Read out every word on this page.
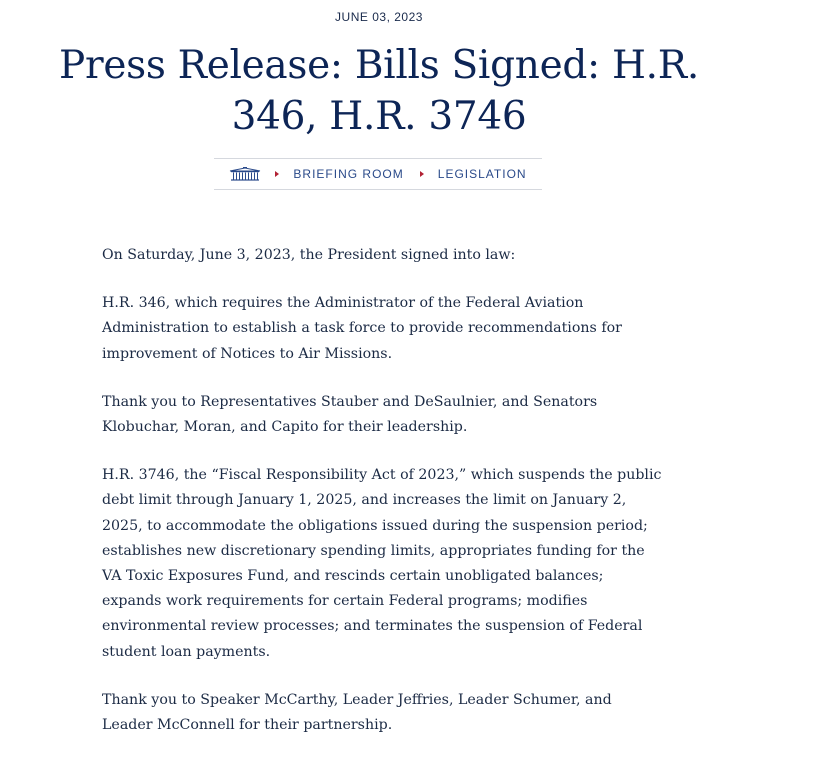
JUNE 03, 2023
Press Release: Bills Signed: H.R. 346, H.R. 3746
BRIEFING ROOM	LEGISLATION

On Saturday, June 3, 2023, the President signed into law:

H.R. 346, which requires the Administrator of the Federal Aviation Administration to establish a task force to provide recommendations for improvement of Notices to Air Missions.

Thank you to Representatives Stauber and DeSaulnier, and Senators Klobuchar, Moran, and Capito for their leadership.

H.R. 3746, the “Fiscal Responsibility Act of 2023,” which suspends the public debt limit through January 1, 2025, and increases the limit on January 2, 2025, to accommodate the obligations issued during the suspension period; establishes new discretionary spending limits, appropriates funding for the VA Toxic Exposures Fund, and rescinds certain unobligated balances; expands work requirements for certain Federal programs; modifies environmental review processes; and terminates the suspension of Federal student loan payments.

Thank you to Speaker McCarthy, Leader Jeffries, Leader Schumer, and Leader McConnell for their partnership.
